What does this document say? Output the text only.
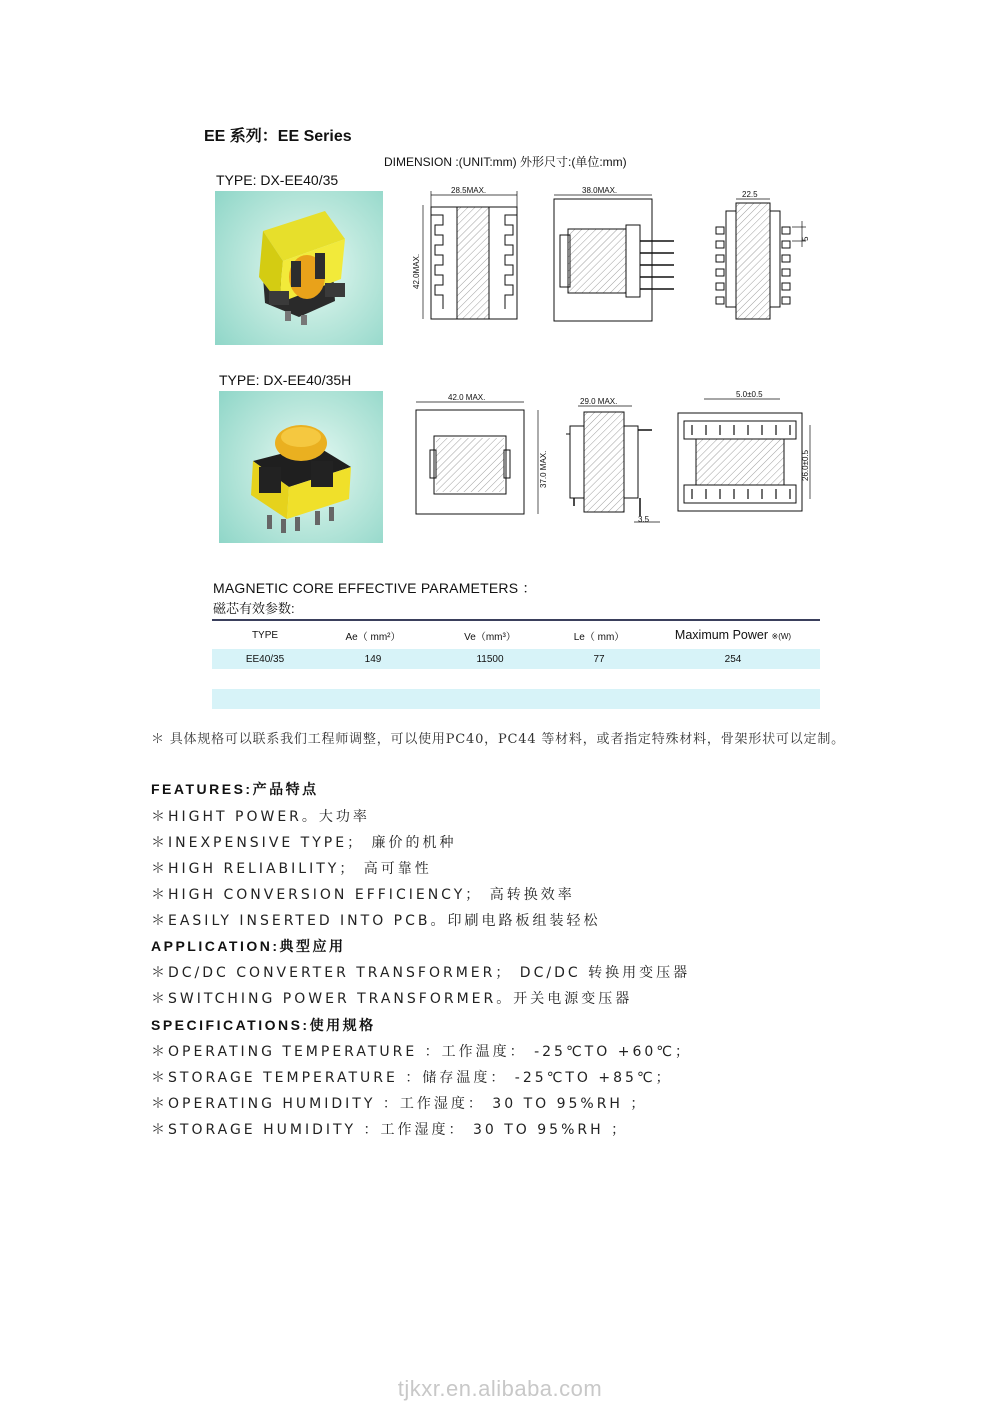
EE 系列：EE Series
DIMENSION :(UNIT:mm) 外形尺寸:(单位:mm)
TYPE: DX-EE40/35
28.5MAX.
42.0MAX.
38.0MAX.	22.5
5
TYPE: DX-EE40/35H
42.0 MAX.
37.0 MAX.
29.0 MAX.
3.5
5.0±0.5
26.0±0.5
MAGNETIC CORE EFFECTIVE PARAMETERS ：
磁芯有效参数:
TYPE	Ae（ mm²）	Ve（mm³）	Le（ mm）	Maximum Power ※(W)
EE40/35	149	11500	77	254
＊ 具体规格可以联系我们工程师调整，可以使用PC40，PC44 等材料，或者指定特殊材料，骨架形状可以定制。
FEATURES:产品特点
＊HIGHT POWER。大功率
＊INEXPENSIVE TYPE； 廉价的机种
＊HIGH RELIABILITY； 高可靠性
＊HIGH CONVERSION EFFICIENCY； 高转换效率
＊EASILY INSERTED INTO PCB。印刷电路板组装轻松
APPLICATION:典型应用
＊DC/DC CONVERTER TRANSFORMER； DC/DC 转换用变压器
＊SWITCHING POWER TRANSFORMER。开关电源变压器
SPECIFICATIONS:使用规格
＊OPERATING TEMPERATURE ：工作温度： -25℃TO +60℃；
＊STORAGE TEMPERATURE ：储存温度： -25℃TO +85℃；
＊OPERATING HUMIDITY ：工作湿度： 30 TO 95%RH ；
＊STORAGE HUMIDITY ：工作湿度： 30 TO 95%RH ；
tjkxr.en.alibaba.com
